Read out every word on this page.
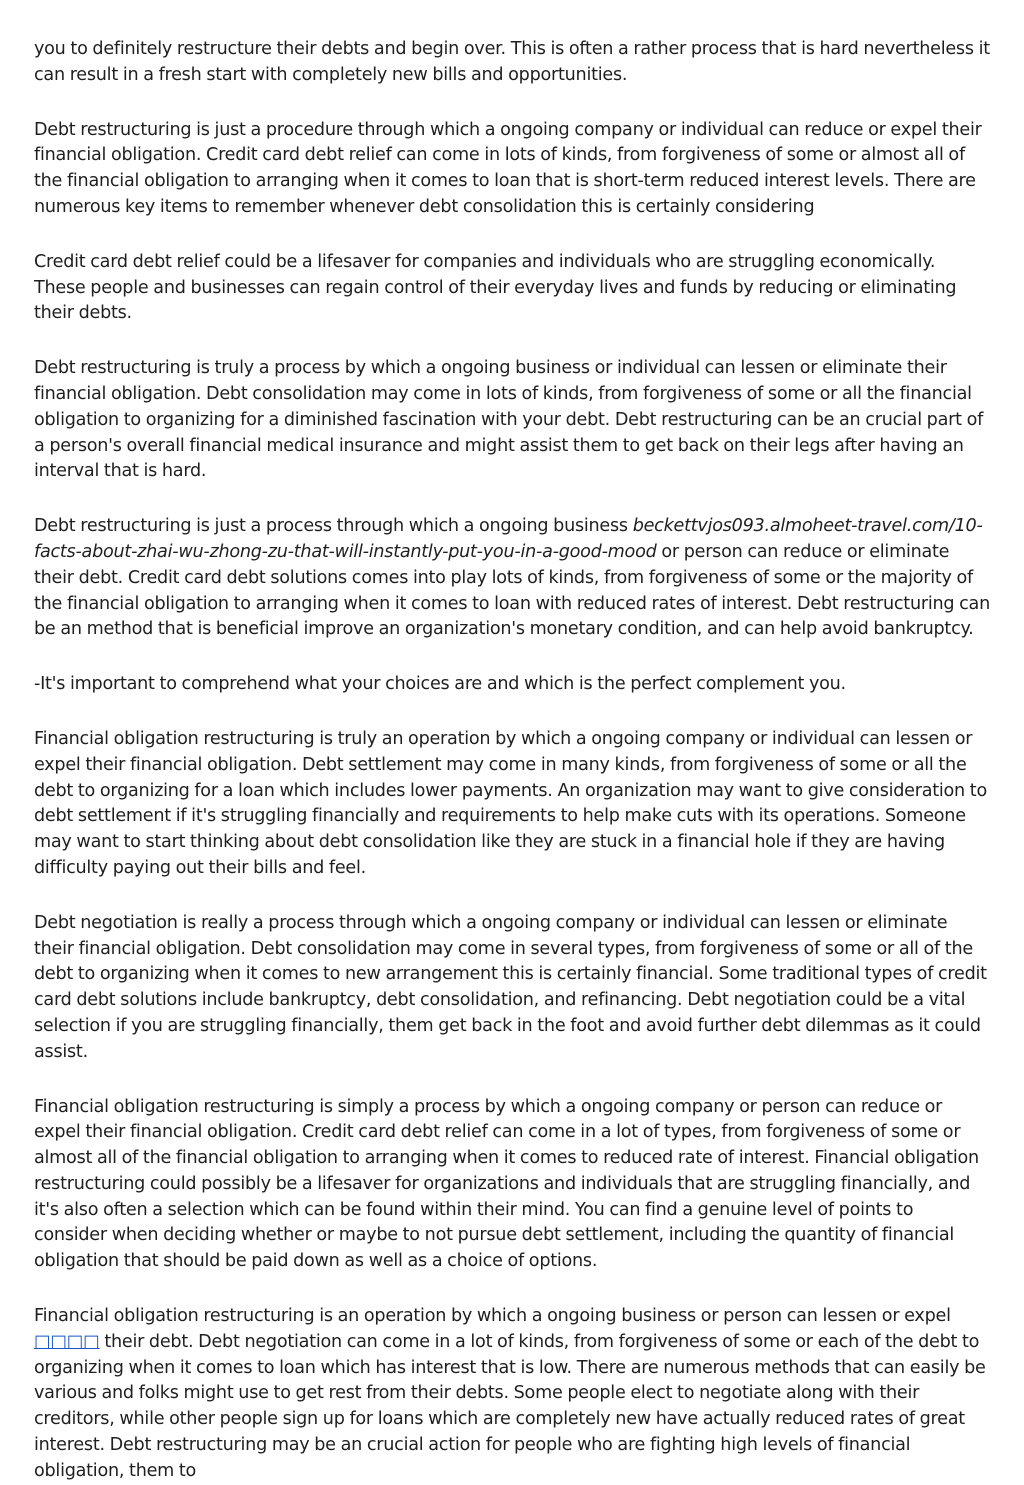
you to definitely restructure their debts and begin over. This is often a rather process that is hard nevertheless it can result in a fresh start with completely new bills and opportunities.

Debt restructuring is just a procedure through which a ongoing company or individual can reduce or expel their financial obligation. Credit card debt relief can come in lots of kinds, from forgiveness of some or almost all of the financial obligation to arranging when it comes to loan that is short-term reduced interest levels. There are numerous key items to remember whenever debt consolidation this is certainly considering

Credit card debt relief could be a lifesaver for companies and individuals who are struggling economically. These people and businesses can regain control of their everyday lives and funds by reducing or eliminating their debts.

Debt restructuring is truly a process by which a ongoing business or individual can lessen or eliminate their financial obligation. Debt consolidation may come in lots of kinds, from forgiveness of some or all the financial obligation to organizing for a diminished fascination with your debt. Debt restructuring can be an crucial part of a person's overall financial medical insurance and might assist them to get back on their legs after having an interval that is hard.

Debt restructuring is just a process through which a ongoing business beckettvjos093.almoheet-travel.com/10-facts-about-zhai-wu-zhong-zu-that-will-instantly-put-you-in-a-good-mood or person can reduce or eliminate their debt. Credit card debt solutions comes into play lots of kinds, from forgiveness of some or the majority of the financial obligation to arranging when it comes to loan with reduced rates of interest. Debt restructuring can be an method that is beneficial improve an organization's monetary condition, and can help avoid bankruptcy.

-It's important to comprehend what your choices are and which is the perfect complement you.

Financial obligation restructuring is truly an operation by which a ongoing company or individual can lessen or expel their financial obligation. Debt settlement may come in many kinds, from forgiveness of some or all the debt to organizing for a loan which includes lower payments. An organization may want to give consideration to debt settlement if it's struggling financially and requirements to help make cuts with its operations. Someone may want to start thinking about debt consolidation like they are stuck in a financial hole if they are having difficulty paying out their bills and feel.

Debt negotiation is really a process through which a ongoing company or individual can lessen or eliminate their financial obligation. Debt consolidation may come in several types, from forgiveness of some or all of the debt to organizing when it comes to new arrangement this is certainly financial. Some traditional types of credit card debt solutions include bankruptcy, debt consolidation, and refinancing. Debt negotiation could be a vital selection if you are struggling financially, them get back in the foot and avoid further debt dilemmas as it could assist.

Financial obligation restructuring is simply a process by which a ongoing company or person can reduce or expel their financial obligation. Credit card debt relief can come in a lot of types, from forgiveness of some or almost all of the financial obligation to arranging when it comes to reduced rate of interest. Financial obligation restructuring could possibly be a lifesaver for organizations and individuals that are struggling financially, and it's also often a selection which can be found within their mind. You can find a genuine level of points to consider when deciding whether or maybe to not pursue debt settlement, including the quantity of financial obligation that should be paid down as well as a choice of options.

Financial obligation restructuring is an operation by which a ongoing business or person can lessen or expel □□□□ their debt. Debt negotiation can come in a lot of kinds, from forgiveness of some or each of the debt to organizing when it comes to loan which has interest that is low. There are numerous methods that can easily be various and folks might use to get rest from their debts. Some people elect to negotiate along with their creditors, while other people sign up for loans which are completely new have actually reduced rates of great interest. Debt restructuring may be an crucial action for people who are fighting high levels of financial obligation, them to
